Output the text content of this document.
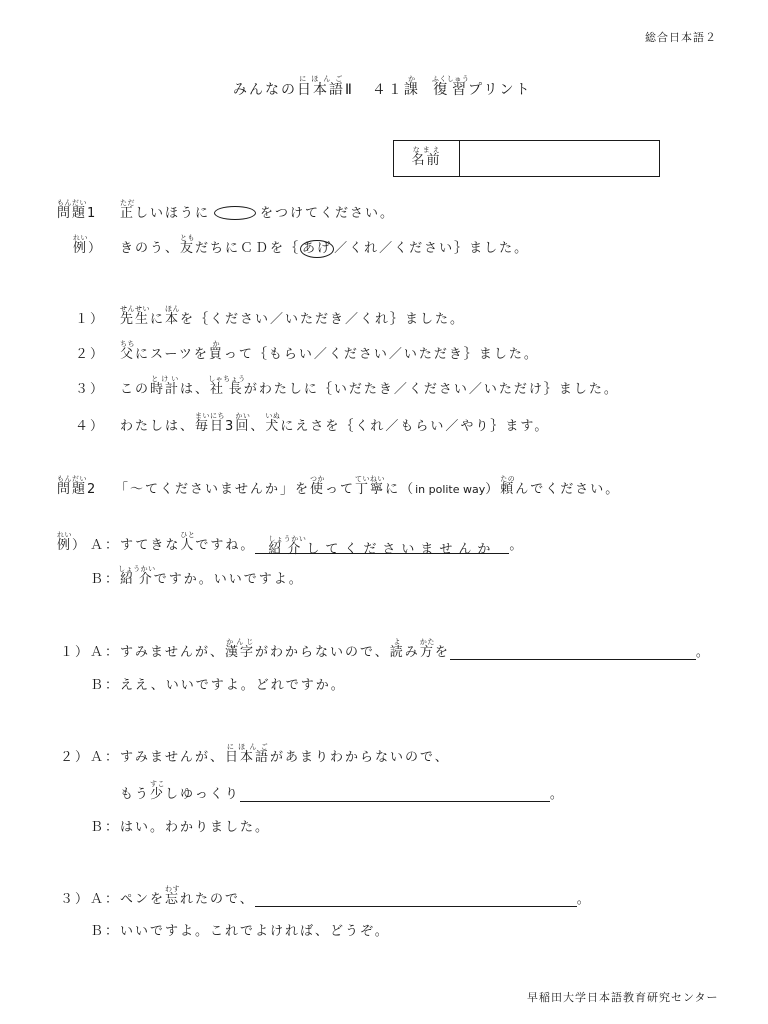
総合日本語２
みんなの日本語にほんごⅡ ４１課か復習ふくしゅうプリント
名前なまえ
問題もんだい1 正ただしいほうに	をつけてください。
例れい） きのう、友ともだちにＣＤを｛ あげ ／くれ／ください｝ました。
１） 先生せんせいに本ほんを｛ください／いただき／くれ｝ました。
２） 父ちちにスーツを買かって｛もらい／ください／いただき｝ました。
３） この時計とけいは、社長しゃちょうがわたしに｛いだたき／ください／いただけ｝ました。
４） わたしは、毎日まいにち3回かい、犬いぬにえさを｛くれ／もらい／やり｝ます。
問題もんだい2 「～てくださいませんか」を使つかって丁寧ていねいに（in polite way）頼たのんでください。
例れい） Ａ：すてきな人ひとですね。 紹介しょうかいしてくださいませんか 。
Ｂ：紹介しょうかいですか。いいですよ。
１）Ａ：すみませんが、漢字かんじがわからないので、読よみ方かたを	。
Ｂ：ええ、いいですよ。どれですか。
２）Ａ：すみませんが、日本語にほんごがあまりわからないので、
もう少すこしゆっくり	。
Ｂ：はい。わかりました。
３）Ａ：ペンを忘わすれたので、	。
Ｂ：いいですよ。これでよければ、どうぞ。
早稲田大学日本語教育研究センター
